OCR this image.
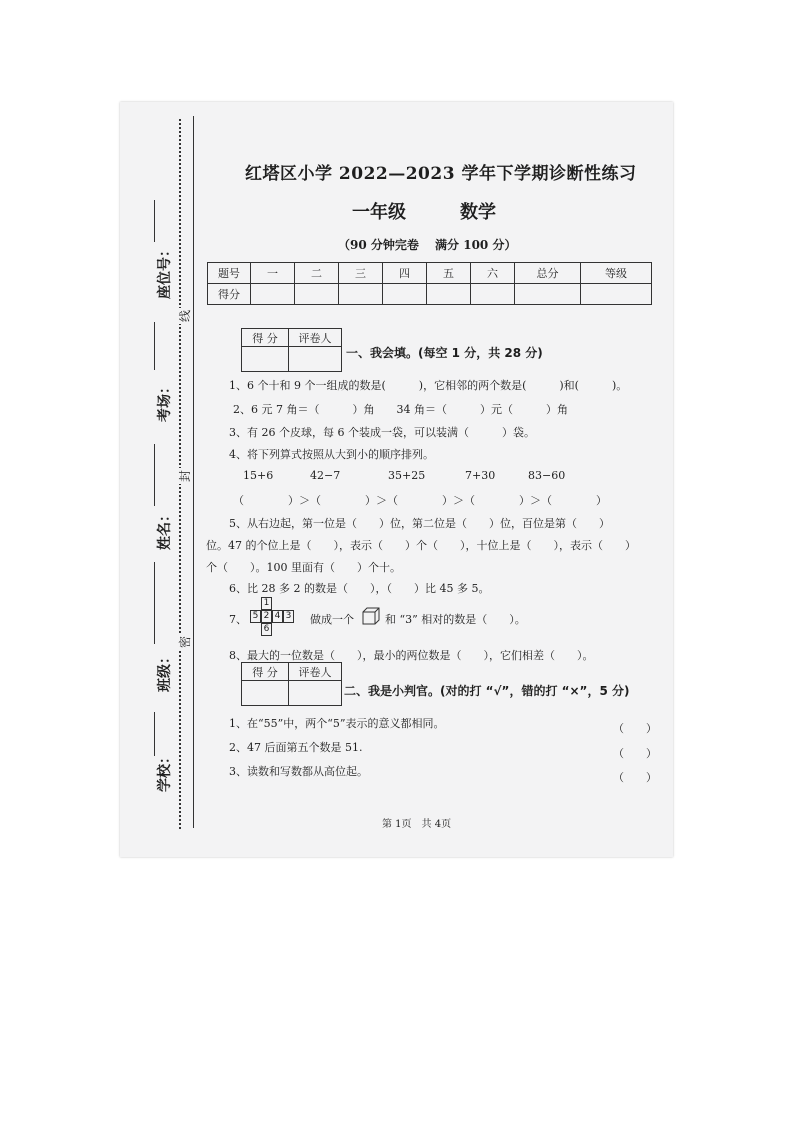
座位号：
考场：
姓名：
班级：
学校：
线
封
密
红塔区小学 2022—2023 学年下学期诊断性练习
一年级	数学
（90 分钟完卷　 满分 100 分）
题号	一	二	三	四	五	六	总分	等级
得分								
得 分	评卷人

一、我会填。(每空 1 分，共 28 分)
1、6 个十和 9 个一组成的数是(　　　)，它相邻的两个数是(　　　)和(　　　)。
2、6 元 7 角＝（　　　）角　　34 角＝（　　　）元（　　　）角
3、有 26 个皮球，每 6 个装成一袋，可以装满（　　　）袋。
4、将下列算式按照从大到小的顺序排列。
15+6	42−7	35+25	7+30	83−60
（　　　　）＞（　　　　）＞（　　　　）＞（　　　　）＞（　　　　）
5、从右边起，第一位是（　　）位，第二位是（　　）位，百位是第（　　）
位。47 的个位上是（　　），表示（　　）个（　　），十位上是（　　），表示（　　）
个（　　）。100 里面有（　　）个十。
6、比 28 多 2 的数是（　　），（　　）比 45 多 5。
7、
1
5 2 4 3
6
做成一个	和 “3” 相对的数是（　　）。
8、最大的一位数是（　　），最小的两位数是（　　），它们相差（　　）。
得 分	评卷人

二、我是小判官。(对的打 “√”，错的打 “×”，5 分)
1、在“55”中，两个“5”表示的意义都相同。	（　　）
2、47 后面第五个数是 51.	（　　）
3、读数和写数都从高位起。	（　　）
第 1页　共 4页
